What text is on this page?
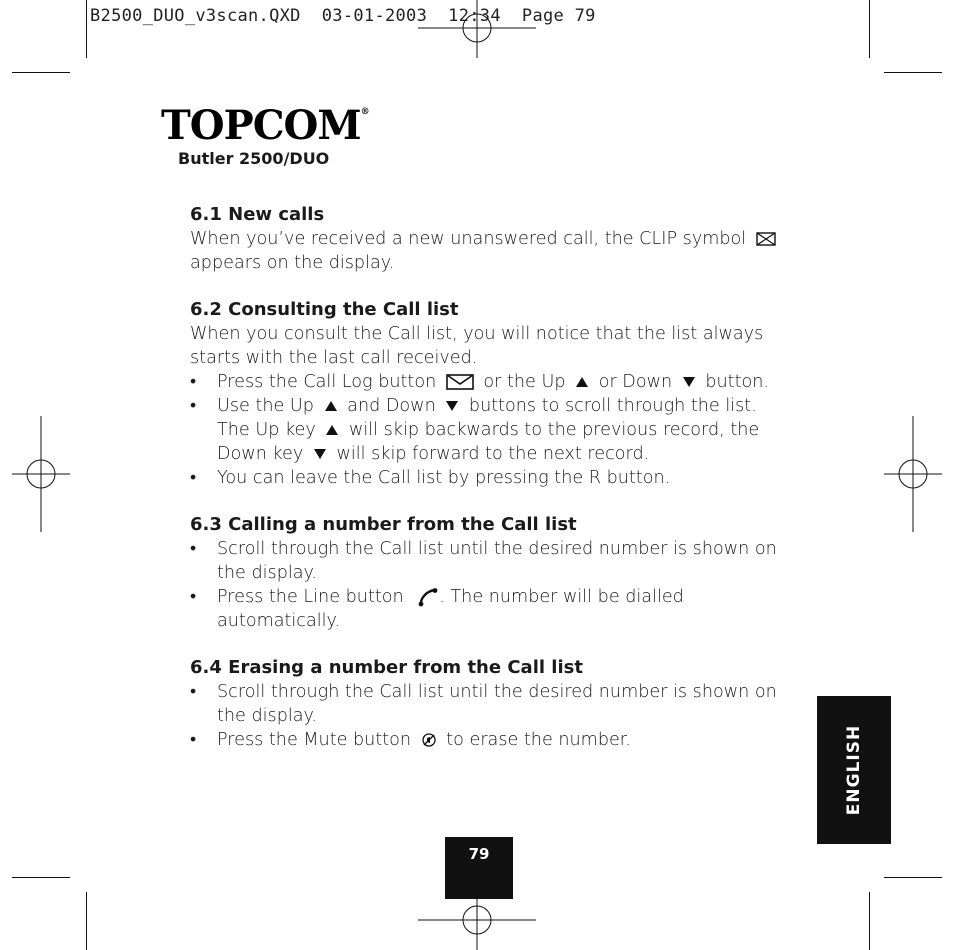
B2500_DUO_v3scan.QXD  03-01-2003  12:34  Page 79
TOPCOM®
Butler 2500/DUO
6.1 New calls

When you’ve received a new unanswered call, the CLIP symbol
appears on the display.

6.2 Consulting the Call list

When you consult the Call list, you will notice that the list always starts with the last call received.

• Press the Call Log button	or the Up or Down button.
• Use the Up and Down buttons to scroll through the list. The Up key will skip backwards to the previous record, the Down key will skip forward to the next record.
• You can leave the Call list by pressing the R button.
6.3 Calling a number from the Call list
• Scroll through the Call list until the desired number is shown on the display.
• Press the Line button . The number will be dialled automatically.
6.4 Erasing a number from the Call list
• Scroll through the Call list until the desired number is shown on the display.
• Press the Mute button to erase the number.	ENGLISH
79
